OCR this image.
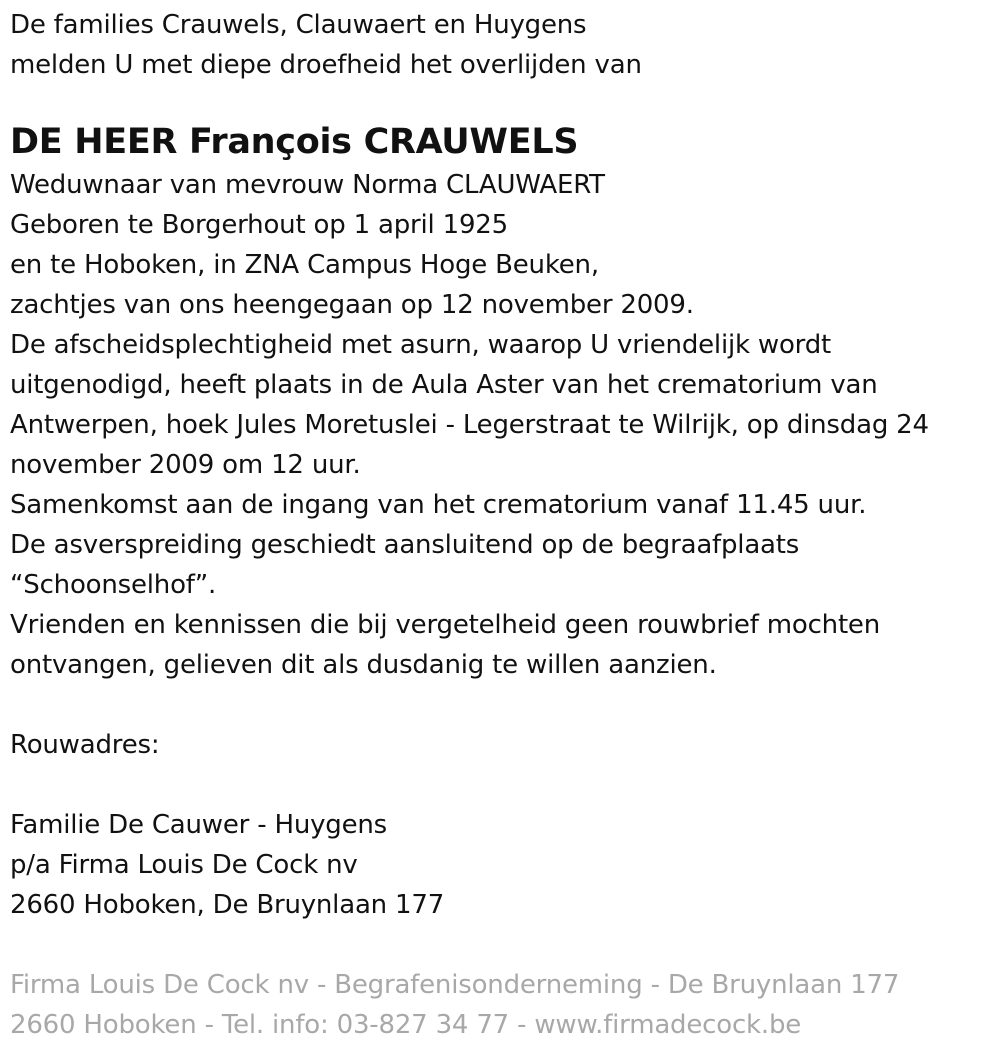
De families Crauwels, Clauwaert en Huygens
melden U met diepe droefheid het overlijden van
DE HEER François CRAUWELS
Weduwnaar van mevrouw Norma CLAUWAERT
Geboren te Borgerhout op 1 april 1925
en te Hoboken, in ZNA Campus Hoge Beuken,
zachtjes van ons heengegaan op 12 november 2009.
De afscheidsplechtigheid met asurn, waarop U vriendelijk wordt
uitgenodigd, heeft plaats in de Aula Aster van het crematorium van
Antwerpen, hoek Jules Moretuslei - Legerstraat te Wilrijk, op dinsdag 24
november 2009 om 12 uur.
Samenkomst aan de ingang van het crematorium vanaf 11.45 uur.
De asverspreiding geschiedt aansluitend op de begraafplaats
“Schoonselhof”.
Vrienden en kennissen die bij vergetelheid geen rouwbrief mochten
ontvangen, gelieven dit als dusdanig te willen aanzien.
Rouwadres:
Familie De Cauwer - Huygens
p/a Firma Louis De Cock nv
2660 Hoboken, De Bruynlaan 177
Firma Louis De Cock nv - Begrafenisonderneming - De Bruynlaan 177
2660 Hoboken - Tel. info: 03-827 34 77 - www.firmadecock.be
